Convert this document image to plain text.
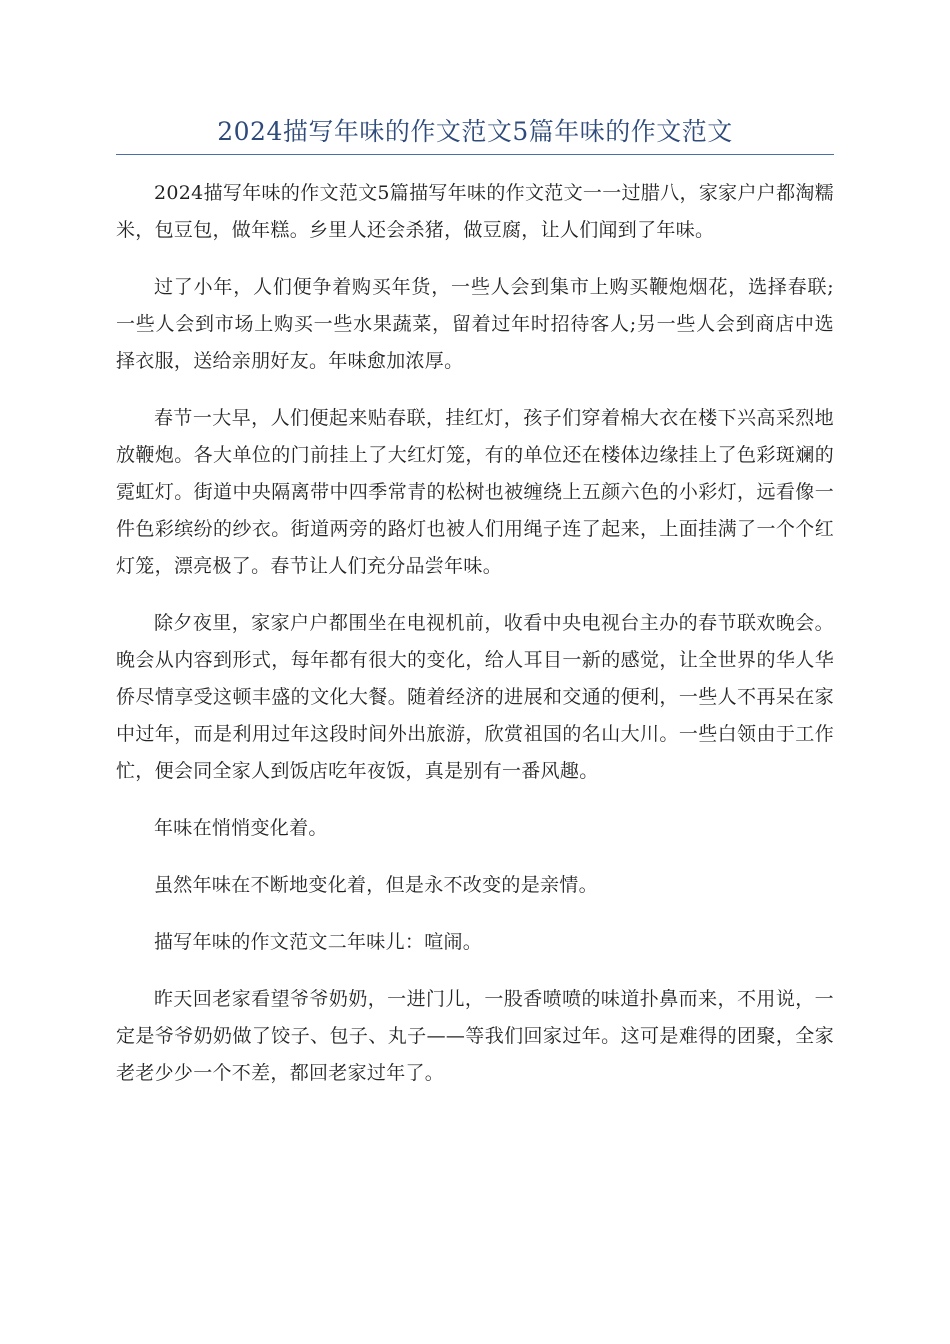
2024描写年味的作文范文5篇年味的作文范文

2024描写年味的作文范文5篇描写年味的作文范文一一过腊八，家家户户都淘糯米，包豆包，做年糕。乡里人还会杀猪，做豆腐，让人们闻到了年味。

过了小年，人们便争着购买年货，一些人会到集市上购买鞭炮烟花，选择春联;一些人会到市场上购买一些水果蔬菜，留着过年时招待客人;另一些人会到商店中选择衣服，送给亲朋好友。年味愈加浓厚。

春节一大早，人们便起来贴春联，挂红灯，孩子们穿着棉大衣在楼下兴高采烈地放鞭炮。各大单位的门前挂上了大红灯笼，有的单位还在楼体边缘挂上了色彩斑斓的霓虹灯。街道中央隔离带中四季常青的松树也被缠绕上五颜六色的小彩灯，远看像一件色彩缤纷的纱衣。街道两旁的路灯也被人们用绳子连了起来，上面挂满了一个个红灯笼，漂亮极了。春节让人们充分品尝年味。

除夕夜里，家家户户都围坐在电视机前，收看中央电视台主办的春节联欢晚会。晚会从内容到形式，每年都有很大的变化，给人耳目一新的感觉，让全世界的华人华侨尽情享受这顿丰盛的文化大餐。随着经济的进展和交通的便利，一些人不再呆在家中过年，而是利用过年这段时间外出旅游，欣赏祖国的名山大川。一些白领由于工作忙，便会同全家人到饭店吃年夜饭，真是别有一番风趣。

年味在悄悄变化着。

虽然年味在不断地变化着，但是永不改变的是亲情。

描写年味的作文范文二年味儿：喧闹。

昨天回老家看望爷爷奶奶，一进门儿，一股香喷喷的味道扑鼻而来，不用说，一定是爷爷奶奶做了饺子、包子、丸子——等我们回家过年。这可是难得的团聚，全家老老少少一个不差，都回老家过年了。
